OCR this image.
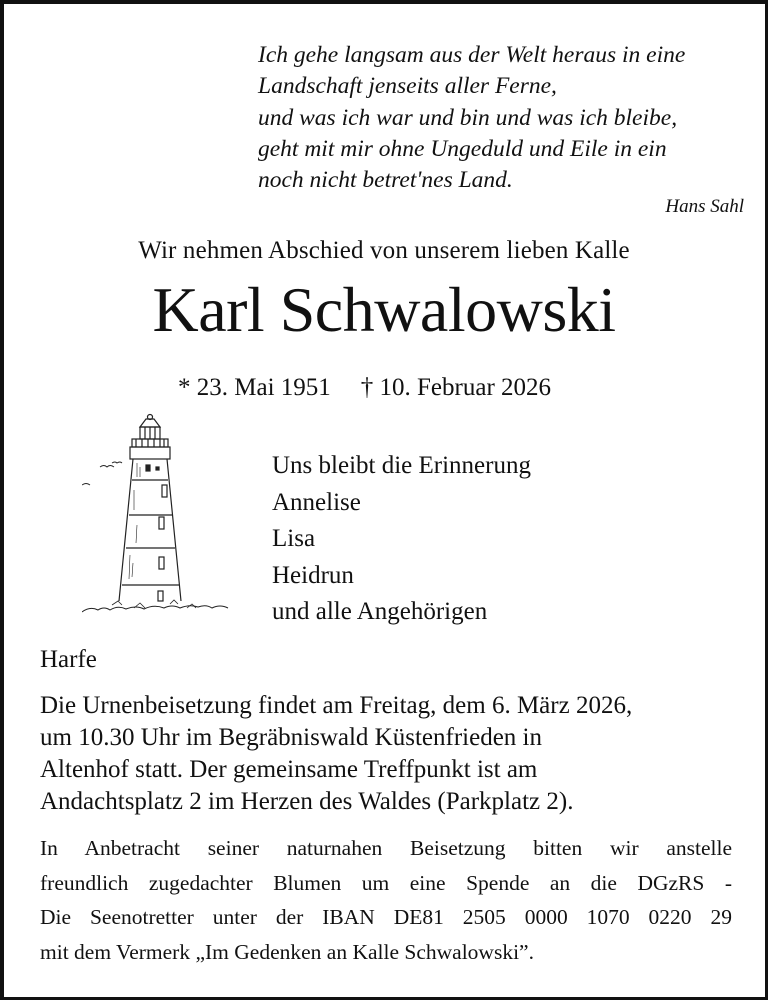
Ich gehe langsam aus der Welt heraus in eine
Landschaft jenseits aller Ferne,
und was ich war und bin und was ich bleibe,
geht mit mir ohne Ungeduld und Eile in ein
noch nicht betret'nes Land.
Hans Sahl
Wir nehmen Abschied von unserem lieben Kalle
Karl Schwalowski
* 23. Mai 1951 † 10. Februar 2026
Uns bleibt die Erinnerung
Annelise
Lisa
Heidrun
und alle Angehörigen
Harfe
Die Urnenbeisetzung findet am Freitag, dem 6. März 2026,
um 10.30 Uhr im Begräbniswald Küstenfrieden in
Altenhof statt. Der gemeinsame Treffpunkt ist am
Andachtsplatz 2 im Herzen des Waldes (Parkplatz 2).
In Anbetracht seiner naturnahen Beisetzung bitten wir anstelle
freundlich zugedachter Blumen um eine Spende an die DGzRS -
Die Seenotretter unter der IBAN DE81 2505 0000 1070 0220 29
mit dem Vermerk „Im Gedenken an Kalle Schwalowski”.
